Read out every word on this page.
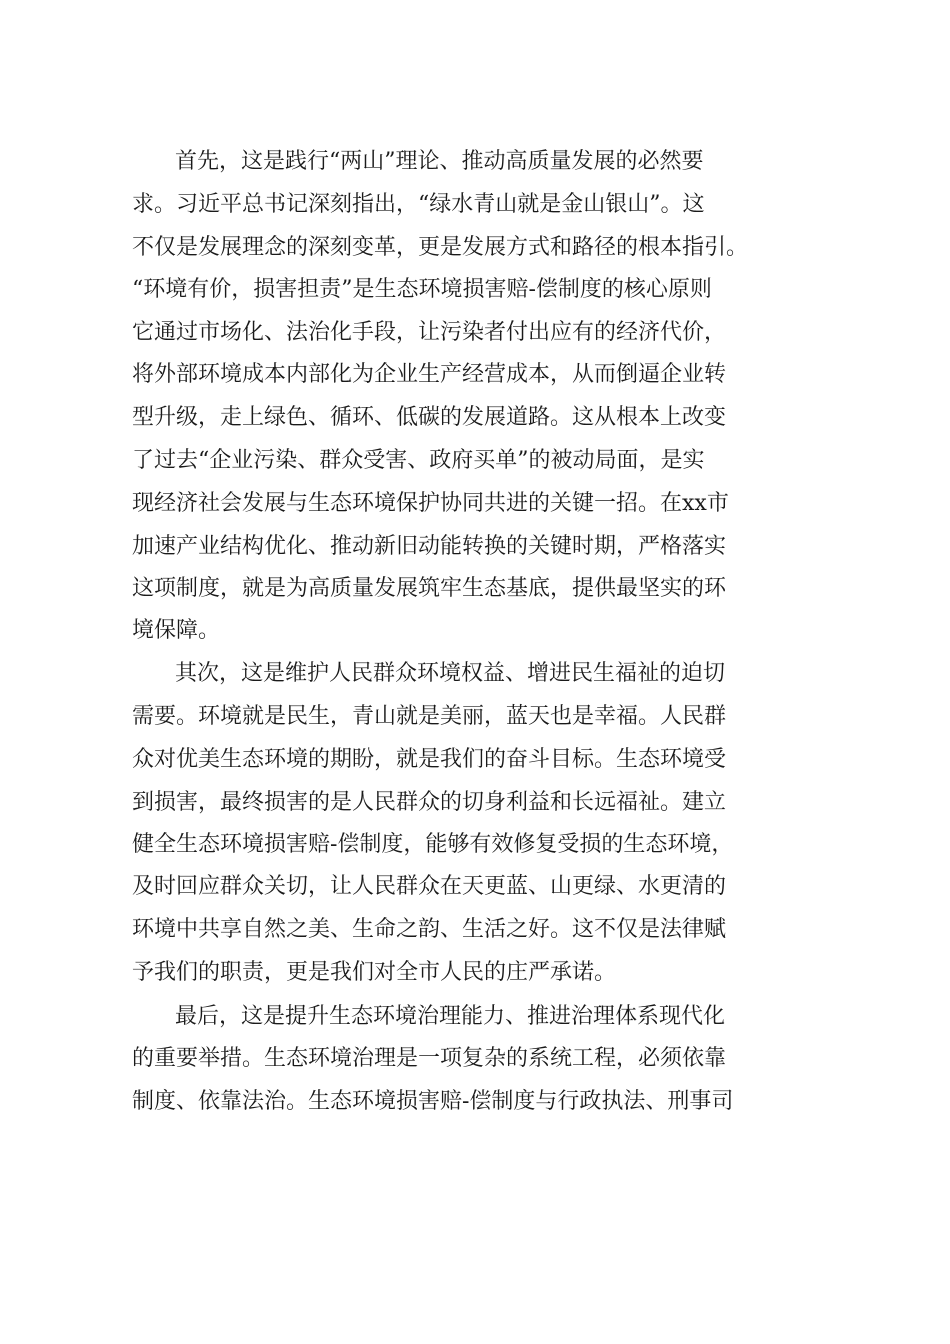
首先，这是践行“两山”理论、推动高质量发展的必然要
求。习近平总书记深刻指出，“绿水青山就是金山银山”。这
不仅是发展理念的深刻变革，更是发展方式和路径的根本指引。
“环境有价，损害担责”是生态环境损害赔-偿制度的核心原则
它通过市场化、法治化手段，让污染者付出应有的经济代价，
将外部环境成本内部化为企业生产经营成本，从而倒逼企业转
型升级，走上绿色、循环、低碳的发展道路。这从根本上改变
了过去“企业污染、群众受害、政府买单”的被动局面，是实
现经济社会发展与生态环境保护协同共进的关键一招。在xx市
加速产业结构优化、推动新旧动能转换的关键时期，严格落实
这项制度，就是为高质量发展筑牢生态基底，提供最坚实的环
境保障。
其次，这是维护人民群众环境权益、增进民生福祉的迫切
需要。环境就是民生，青山就是美丽，蓝天也是幸福。人民群
众对优美生态环境的期盼，就是我们的奋斗目标。生态环境受
到损害，最终损害的是人民群众的切身利益和长远福祉。建立
健全生态环境损害赔-偿制度，能够有效修复受损的生态环境，
及时回应群众关切，让人民群众在天更蓝、山更绿、水更清的
环境中共享自然之美、生命之韵、生活之好。这不仅是法律赋
予我们的职责，更是我们对全市人民的庄严承诺。
最后，这是提升生态环境治理能力、推进治理体系现代化
的重要举措。生态环境治理是一项复杂的系统工程，必须依靠
制度、依靠法治。生态环境损害赔-偿制度与行政执法、刑事司
